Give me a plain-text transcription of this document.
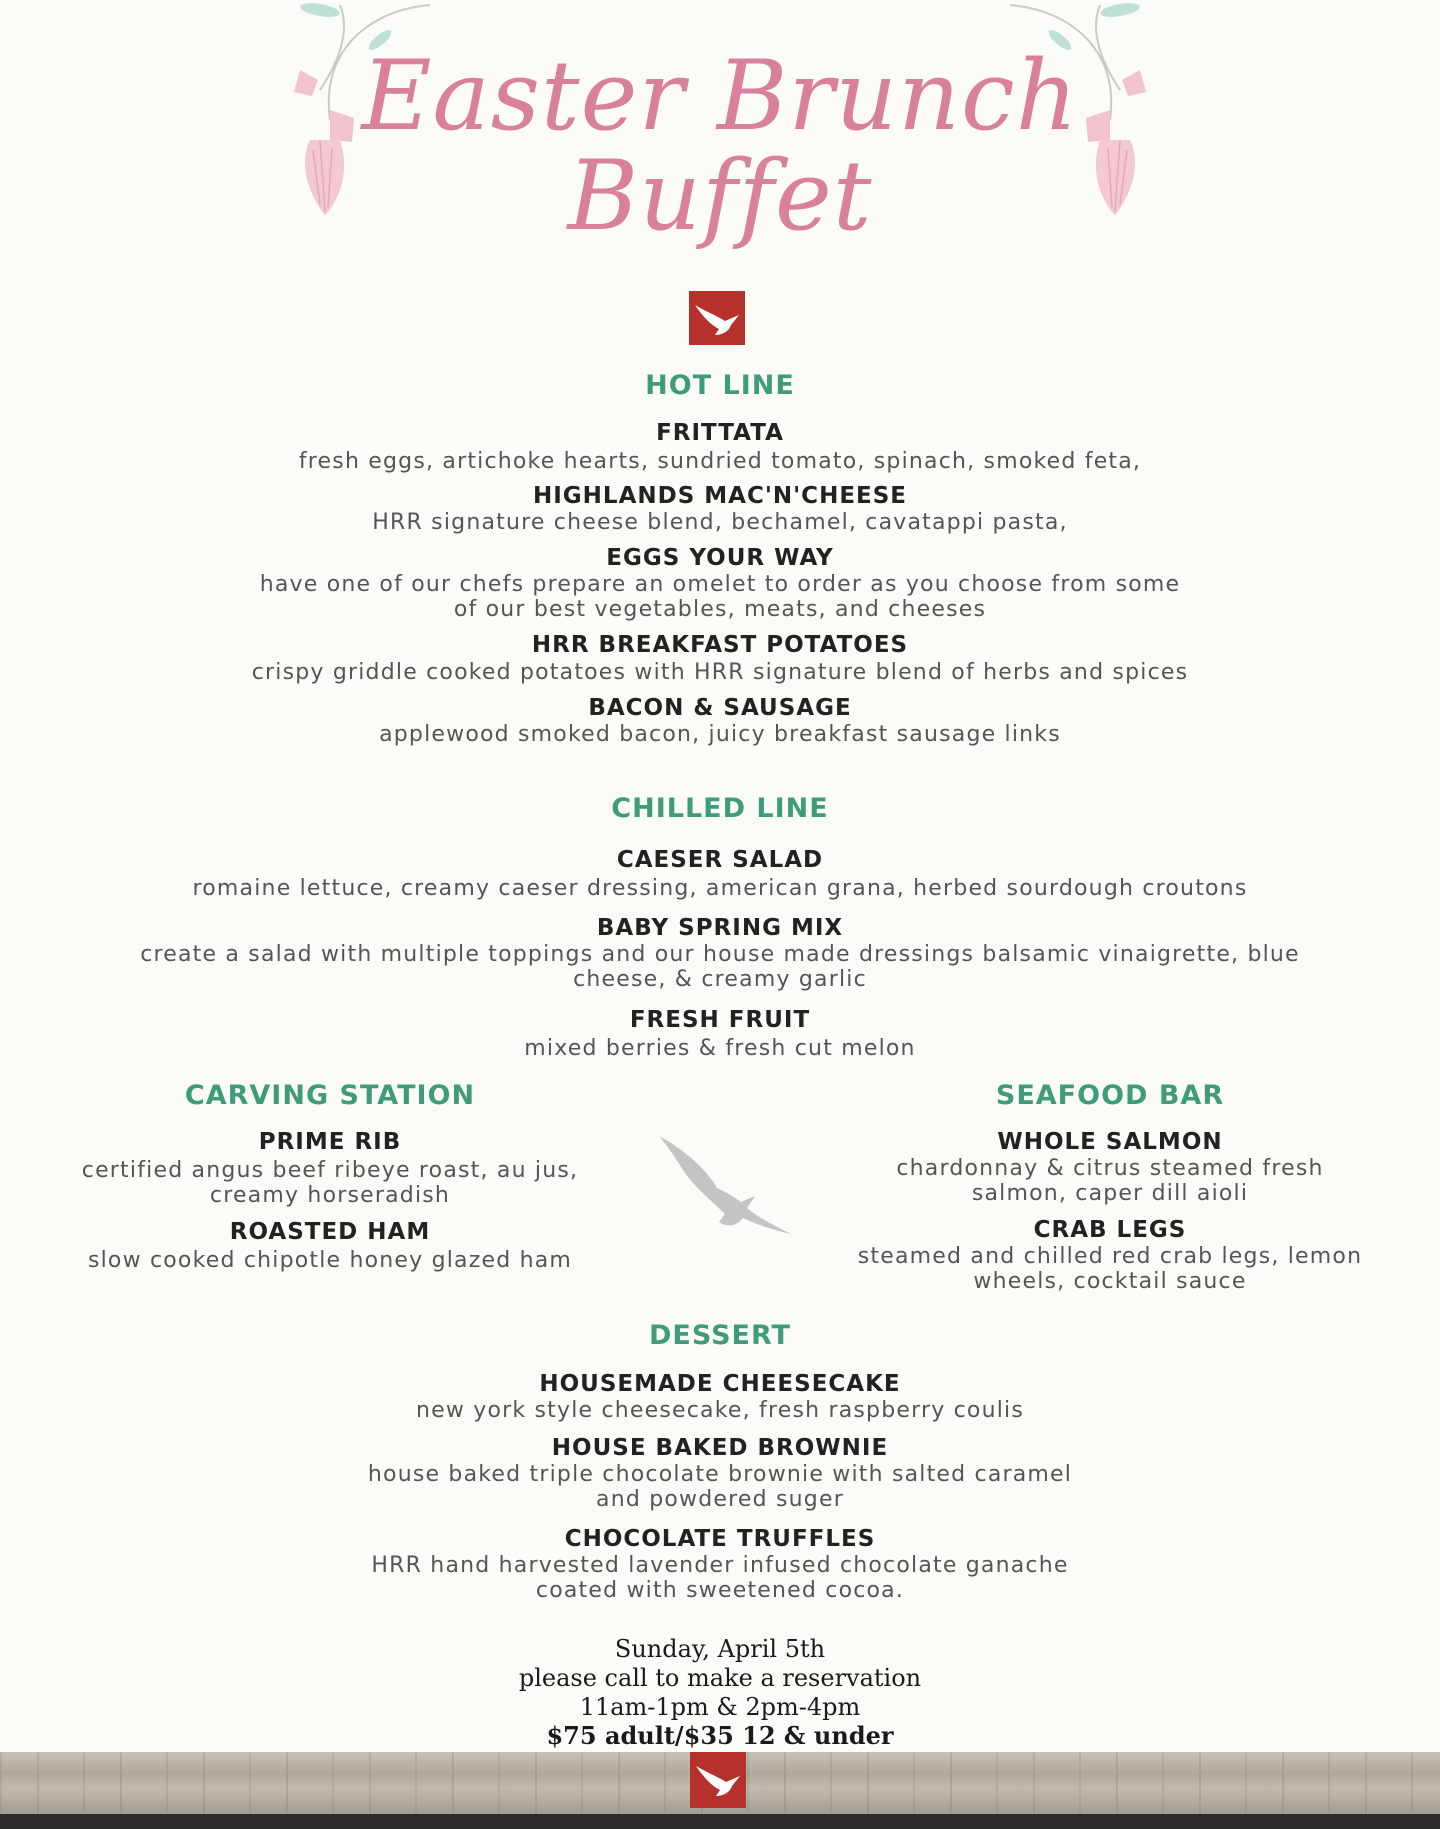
Easter Brunch
Buffet
HOT LINE
FRITTATA
fresh eggs, artichoke hearts, sundried tomato, spinach, smoked feta,
HIGHLANDS MAC'N'CHEESE
HRR signature cheese blend, bechamel, cavatappi pasta,
EGGS YOUR WAY
have one of our chefs prepare an omelet to order as you choose from some
of our best vegetables, meats, and cheeses
HRR BREAKFAST POTATOES
crispy griddle cooked potatoes with HRR signature blend of herbs and spices
BACON & SAUSAGE
applewood smoked bacon, juicy breakfast sausage links
CHILLED LINE
CAESER SALAD
romaine lettuce, creamy caeser dressing, american grana, herbed sourdough croutons
BABY SPRING MIX
create a salad with multiple toppings and our house made dressings balsamic vinaigrette, blue
cheese, & creamy garlic
FRESH FRUIT
mixed berries & fresh cut melon
CARVING STATION
PRIME RIB
certified angus beef ribeye roast, au jus,
creamy horseradish
ROASTED HAM
slow cooked chipotle honey glazed ham
SEAFOOD BAR
WHOLE SALMON
chardonnay & citrus steamed fresh
salmon, caper dill aioli
CRAB LEGS
steamed and chilled red crab legs, lemon
wheels, cocktail sauce
DESSERT
HOUSEMADE CHEESECAKE
new york style cheesecake, fresh raspberry coulis
HOUSE BAKED BROWNIE
house baked triple chocolate brownie with salted caramel
and powdered suger
CHOCOLATE TRUFFLES
HRR hand harvested lavender infused chocolate ganache
coated with sweetened cocoa.
Sunday, April 5th
please call to make a reservation
11am-1pm & 2pm-4pm
$75 adult/$35 12 & under
